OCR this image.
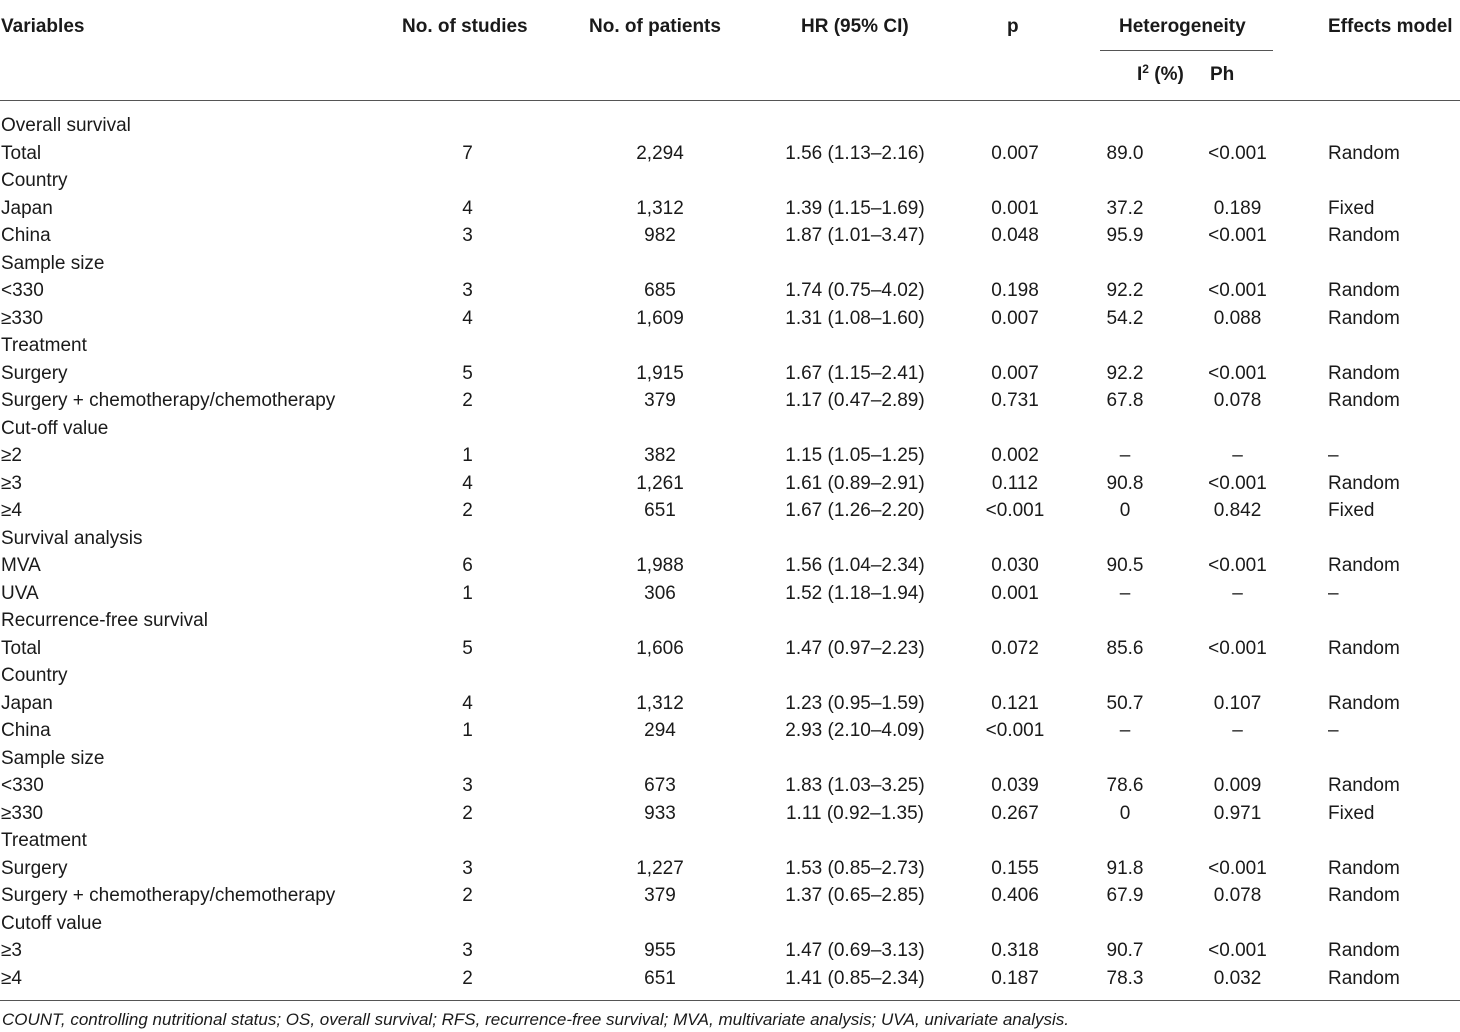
Variables	No. of studies	No. of patients	HR (95% CI)	p	Heterogeneity	Effects model
$I^2$ (%) Ph
Overall survival
Total	7	2,294	1.56 (1.13–2.16)	0.007	89.0	<0.001	Random
Country
Japan	4	1,312	1.39 (1.15–1.69)	0.001	37.2	0.189	Fixed
China	3	982	1.87 (1.01–3.47)	0.048	95.9	<0.001	Random
Sample size
<330	3	685	1.74 (0.75–4.02)	0.198	92.2	<0.001	Random
≥330	4	1,609	1.31 (1.08–1.60)	0.007	54.2	0.088	Random
Treatment
Surgery	5	1,915	1.67 (1.15–2.41)	0.007	92.2	<0.001	Random
Surgery + chemotherapy/chemotherapy	2	379	1.17 (0.47–2.89)	0.731	67.8	0.078	Random
Cut-off value
≥2	1	382	1.15 (1.05–1.25)	0.002	–	–	–
≥3	4	1,261	1.61 (0.89–2.91)	0.112	90.8	<0.001	Random
≥4	2	651	1.67 (1.26–2.20)	<0.001	0	0.842	Fixed
Survival analysis
MVA	6	1,988	1.56 (1.04–2.34)	0.030	90.5	<0.001	Random
UVA	1	306	1.52 (1.18–1.94)	0.001	–	–	–
Recurrence-free survival
Total	5	1,606	1.47 (0.97–2.23)	0.072	85.6	<0.001	Random
Country
Japan	4	1,312	1.23 (0.95–1.59)	0.121	50.7	0.107	Random
China	1	294	2.93 (2.10–4.09)	<0.001	–	–	–
Sample size
<330	3	673	1.83 (1.03–3.25)	0.039	78.6	0.009	Random
≥330	2	933	1.11 (0.92–1.35)	0.267	0	0.971	Fixed
Treatment
Surgery	3	1,227	1.53 (0.85–2.73)	0.155	91.8	<0.001	Random
Surgery + chemotherapy/chemotherapy	2	379	1.37 (0.65–2.85)	0.406	67.9	0.078	Random
Cutoff value
≥3	3	955	1.47 (0.69–3.13)	0.318	90.7	<0.001	Random
≥4	2	651	1.41 (0.85–2.34)	0.187	78.3	0.032	Random
COUNT, controlling nutritional status; OS, overall survival; RFS, recurrence-free survival; MVA, multivariate analysis; UVA, univariate analysis.
